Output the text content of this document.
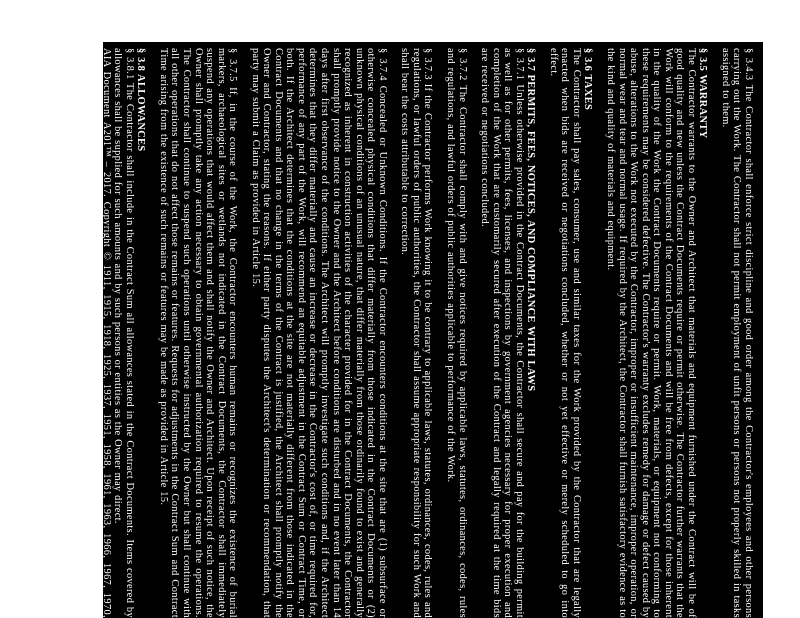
§ 3.4.3 The Contractor shall enforce strict discipline and good order among the Contractor's employees and other persons carrying out the Work. The Contractor shall not permit employment of unfit persons or persons not properly skilled in tasks assigned to them.

§ 3.5 WARRANTY

The Contractor warrants to the Owner and Architect that materials and equipment furnished under the Contract will be of good quality and new unless the Contract Documents require or permit otherwise. The Contractor further warrants that the Work will conform to the requirements of the Contract Documents and will be free from defects, except for those inherent in the quality of the Work the Contract Documents require or permit. Work, materials, or equipment not conforming to these requirements may be considered defective. The Contractor's warranty excludes remedy for damage or defect caused by abuse, alterations to the Work not executed by the Contractor, improper or insufficient maintenance, improper operation, or normal wear and tear and normal usage. If required by the Architect, the Contractor shall furnish satisfactory evidence as to the kind and quality of materials and equipment.

§ 3.6 TAXES

The Contractor shall pay sales, consumer, use and similar taxes for the Work provided by the Contractor that are legally enacted when bids are received or negotiations concluded, whether or not yet effective or merely scheduled to go into effect.

§ 3.7 PERMITS, FEES, NOTICES, AND COMPLIANCE WITH LAWS

§ 3.7.1 Unless otherwise provided in the Contract Documents, the Contractor shall secure and pay for the building permit as well as for other permits, fees, licenses, and inspections by government agencies necessary for proper execution and completion of the Work that are customarily secured after execution of the Contract and legally required at the time bids are received or negotiations concluded.

§ 3.7.2 The Contractor shall comply with and give notices required by applicable laws, statutes, ordinances, codes, rules and regulations, and lawful orders of public authorities applicable to performance of the Work.

§ 3.7.3 If the Contractor performs Work knowing it to be contrary to applicable laws, statutes, ordinances, codes, rules and regulations, or lawful orders of public authorities, the Contractor shall assume appropriate responsibility for such Work and shall bear the costs attributable to correction.

§ 3.7.4 Concealed or Unknown Conditions. If the Contractor encounters conditions at the site that are (1) subsurface or otherwise concealed physical conditions that differ materially from those indicated in the Contract Documents or (2) unknown physical conditions of an unusual nature, that differ materially from those ordinarily found to exist and generally recognized as inherent in construction activities of the character provided for in the Contract Documents, the Contractor shall promptly provide notice to the Owner and the Architect before conditions are disturbed and in no event later than 14 days after first observance of the conditions. The Architect will promptly investigate such conditions and, if the Architect determines that they differ materially and cause an increase or decrease in the Contractor's cost of, or time required for, performance of any part of the Work, will recommend an equitable adjustment in the Contract Sum or Contract Time, or both. If the Architect determines that the conditions at the site are not materially different from those indicated in the Contract Documents and that no change in the terms of the Contract is justified, the Architect shall promptly notify the Owner and Contractor, stating the reasons. If either party disputes the Architect's determination or recommendation, that party may submit a Claim as provided in Article 15.

§ 3.7.5 If, in the course of the Work, the Contractor encounters human remains or recognizes the existence of burial markers, archaeological sites or wetlands not indicated in the Contract Documents, the Contractor shall immediately suspend any operations that would affect them and shall notify the Owner and Architect. Upon receipt of such notice, the Owner shall promptly take any action necessary to obtain governmental authorization required to resume the operations. The Contractor shall continue to suspend such operations until otherwise instructed by the Owner but shall continue with all other operations that do not affect those remains or features. Requests for adjustments in the Contract Sum and Contract Time arising from the existence of such remains or features may be made as provided in Article 15.

§ 3.8 ALLOWANCES

§ 3.8.1 The Contractor shall include in the Contract Sum all allowances stated in the Contract Documents. Items covered by allowances shall be supplied for such amounts and by such persons or entities as the Owner may direct.

AIA Document A201™ – 2017. Copyright © 1911, 1915, 1918, 1925, 1937, 1951, 1958, 1961, 1963, 1966, 1967, 1970, 1976, 1987, 1997, 2007 and 2017 by The American Institute of Architects. All rights reserved. WARNING: This AIA® Document is protected by U.S. Copyright Law and International Treaties. Unauthorized reproduction or distribution of this AIA® Document, or any portion of it, may result in severe civil and criminal penalties, and will be prosecuted to the maximum extent possible under the law. To report copyright violations of AIA Contract Documents, e-mail The American Institute of Architects' legal counsel, copyright@aia.org.
